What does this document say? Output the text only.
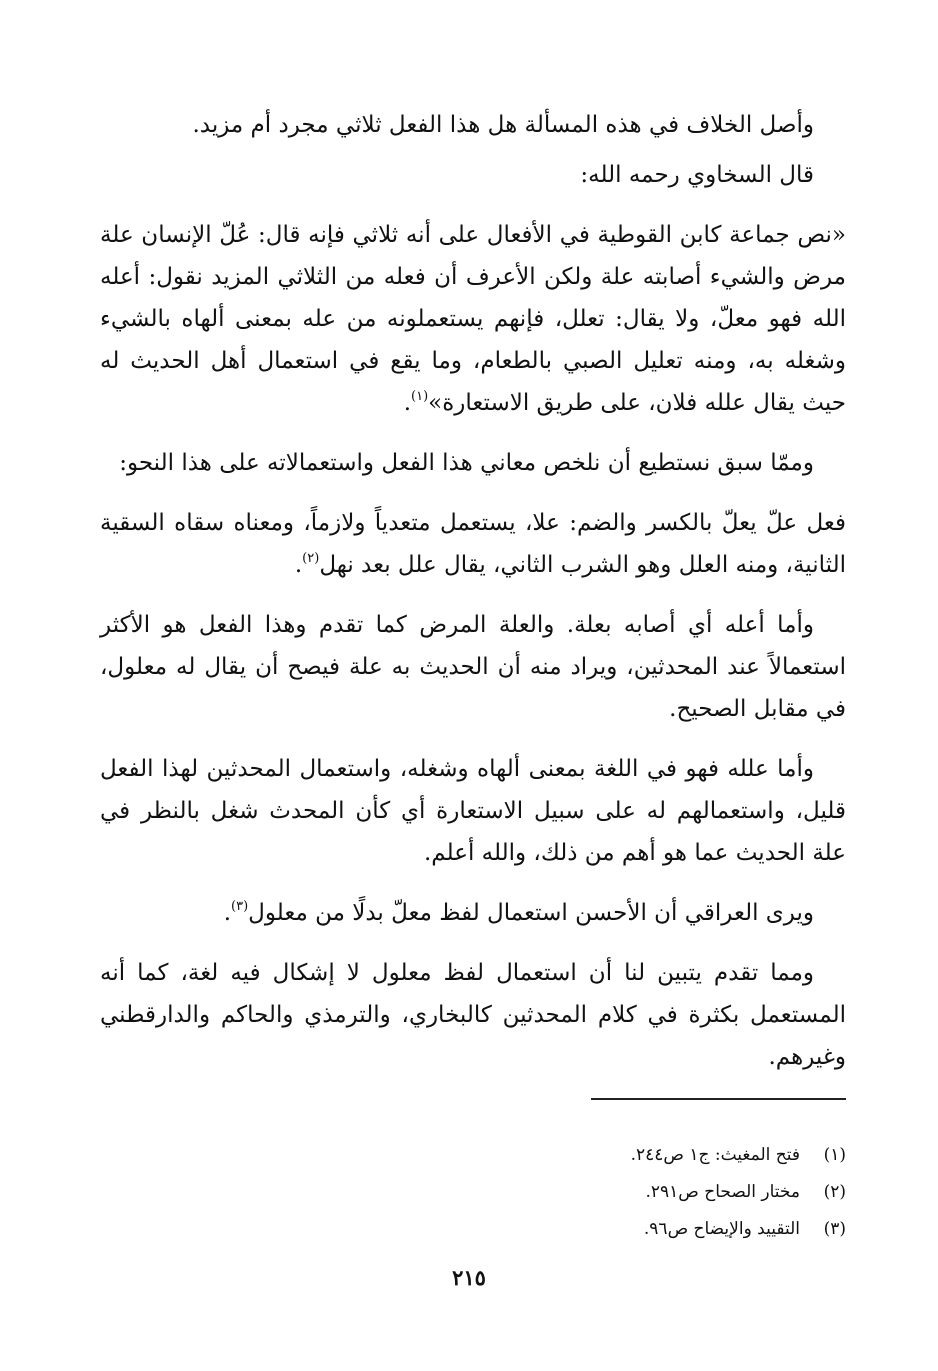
وأصل الخلاف في هذه المسألة هل هذا الفعل ثلاثي مجرد أم مزيد.

قال السخاوي رحمه الله:

«نص جماعة كابن القوطية في الأفعال على أنه ثلاثي فإنه قال: عُلّ الإنسان علة مرض والشيء أصابته علة ولكن الأعرف أن فعله من الثلاثي المزيد نقول: أعله الله فهو معلّ، ولا يقال: تعلل، فإنهم يستعملونه من عله بمعنى ألهاه بالشيء وشغله به، ومنه تعليل الصبي بالطعام، وما يقع في استعمال أهل الحديث له حيث يقال علله فلان، على طريق الاستعارة»$^{(١)}$.

وممّا سبق نستطيع أن نلخص معاني هذا الفعل واستعمالاته على هذا النحو:

فعل علّ يعلّ بالكسر والضم: علا، يستعمل متعدياً ولازماً، ومعناه سقاه السقية الثانية، ومنه العلل وهو الشرب الثاني، يقال علل بعد نهل$^{(٢)}$.

وأما أعله أي أصابه بعلة. والعلة المرض كما تقدم وهذا الفعل هو الأكثر استعمالاً عند المحدثين، ويراد منه أن الحديث به علة فيصح أن يقال له معلول، في مقابل الصحيح.

وأما علله فهو في اللغة بمعنى ألهاه وشغله، واستعمال المحدثين لهذا الفعل قليل، واستعمالهم له على سبيل الاستعارة أي كأن المحدث شغل بالنظر في علة الحديث عما هو أهم من ذلك، والله أعلم.

ويرى العراقي أن الأحسن استعمال لفظ معلّ بدلًا من معلول$^{(٣)}$.

ومما تقدم يتبين لنا أن استعمال لفظ معلول لا إشكال فيه لغة، كما أنه المستعمل بكثرة في كلام المحدثين كالبخاري، والترمذي والحاكم والدارقطني وغيرهم.

(١)
فتح المغيث: ج١ ص٢٤٤.
(٢)
مختار الصحاح ص٢٩١.
(٣)
التقييد والإيضاح ص٩٦.
٢١٥
